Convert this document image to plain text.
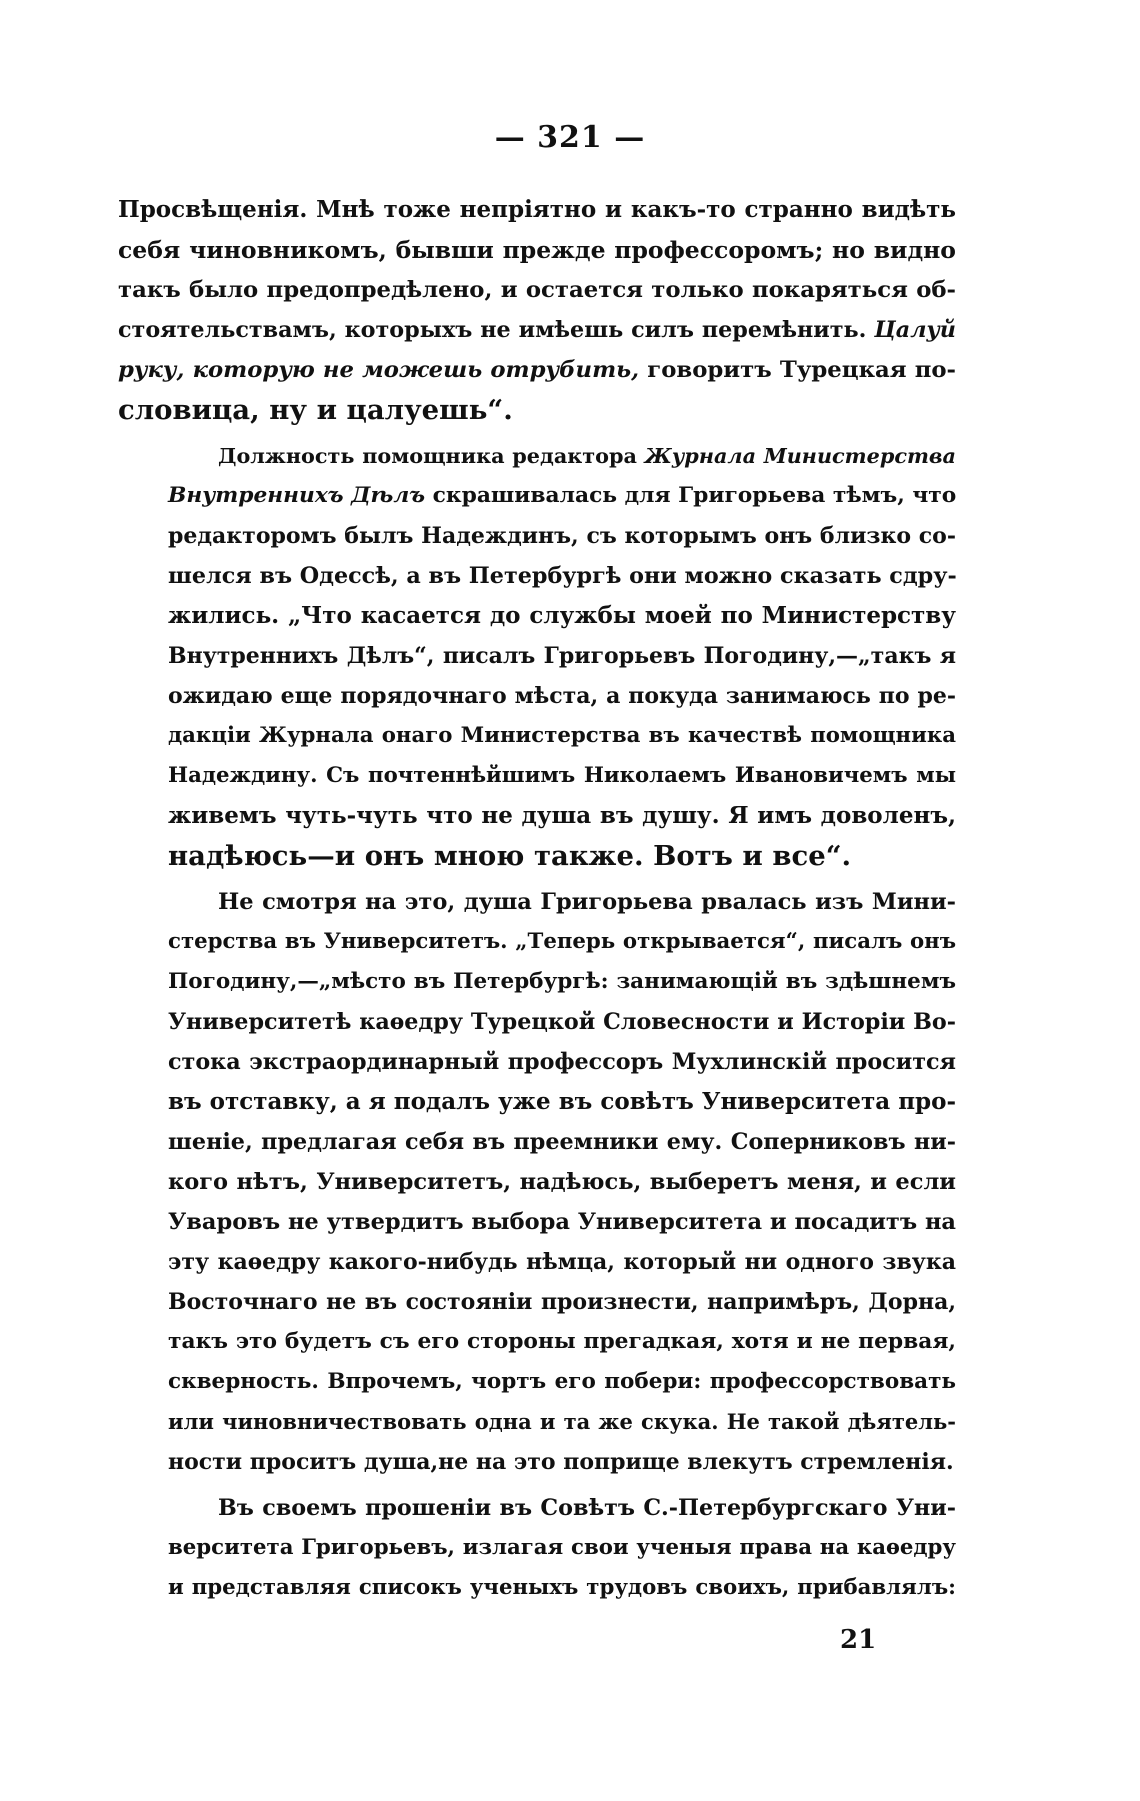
— 321 —

Просвѣщенія. Мнѣ тоже непріятно и какъ-то странно видѣть
себя чиновникомъ, бывши прежде профессоромъ; но видно
такъ было предопредѣлено, и остается только покаряться об-
стоятельствамъ, которыхъ не имѣешь силъ перемѣнить. Цалуй
руку, которую не можешь отрубить, говоритъ Турецкая по-
словица, ну и цалуешь“.

Должность помощника редактора Журнала Министерства
Внутреннихъ Дѣлъ скрашивалась для Григорьева тѣмъ, что
редакторомъ былъ Надеждинъ, съ которымъ онъ близко со-
шелся въ Одессѣ, а въ Петербургѣ они можно сказать сдру-
жились. „Что касается до службы моей по Министерству
Внутреннихъ Дѣлъ“, писалъ Григорьевъ Погодину,—„такъ я
ожидаю еще порядочнаго мѣста, а покуда занимаюсь по ре-
дакціи Журнала онаго Министерства въ качествѣ помощника
Надеждину. Съ почтеннѣйшимъ Николаемъ Ивановичемъ мы
живемъ чуть-чуть что не душа въ душу. Я имъ доволенъ,
надѣюсь—и онъ мною также. Вотъ и все“.

Не смотря на это, душа Григорьева рвалась изъ Мини-
стерства въ Университетъ. „Теперь открывается“, писалъ онъ
Погодину,—„мѣсто въ Петербургѣ: занимающій въ здѣшнемъ
Университетѣ каѳедру Турецкой Словесности и Исторіи Во-
стока экстраординарный профессоръ Мухлинскій просится
въ отставку, а я подалъ уже въ совѣтъ Университета про-
шеніе, предлагая себя въ преемники ему. Соперниковъ ни-
кого нѣтъ, Университетъ, надѣюсь, выберетъ меня, и если
Уваровъ не утвердитъ выбора Университета и посадитъ на
эту каѳедру какого-нибудь нѣмца, который ни одного звука
Восточнаго не въ состояніи произнести, напримѣръ, Дорна,
такъ это будетъ съ его стороны прегадкая, хотя и не первая,
скверность. Впрочемъ, чортъ его побери: профессорствовать
или чиновничествовать одна и та же скука. Не такой дѣятель-
ности проситъ душа,не на это поприще влекутъ стремленія.

Въ своемъ прошеніи въ Совѣтъ С.-Петербургскаго Уни-
верситета Григорьевъ, излагая свои ученыя права на каѳедру
и представляя списокъ ученыхъ трудовъ своихъ, прибавлялъ:

21
